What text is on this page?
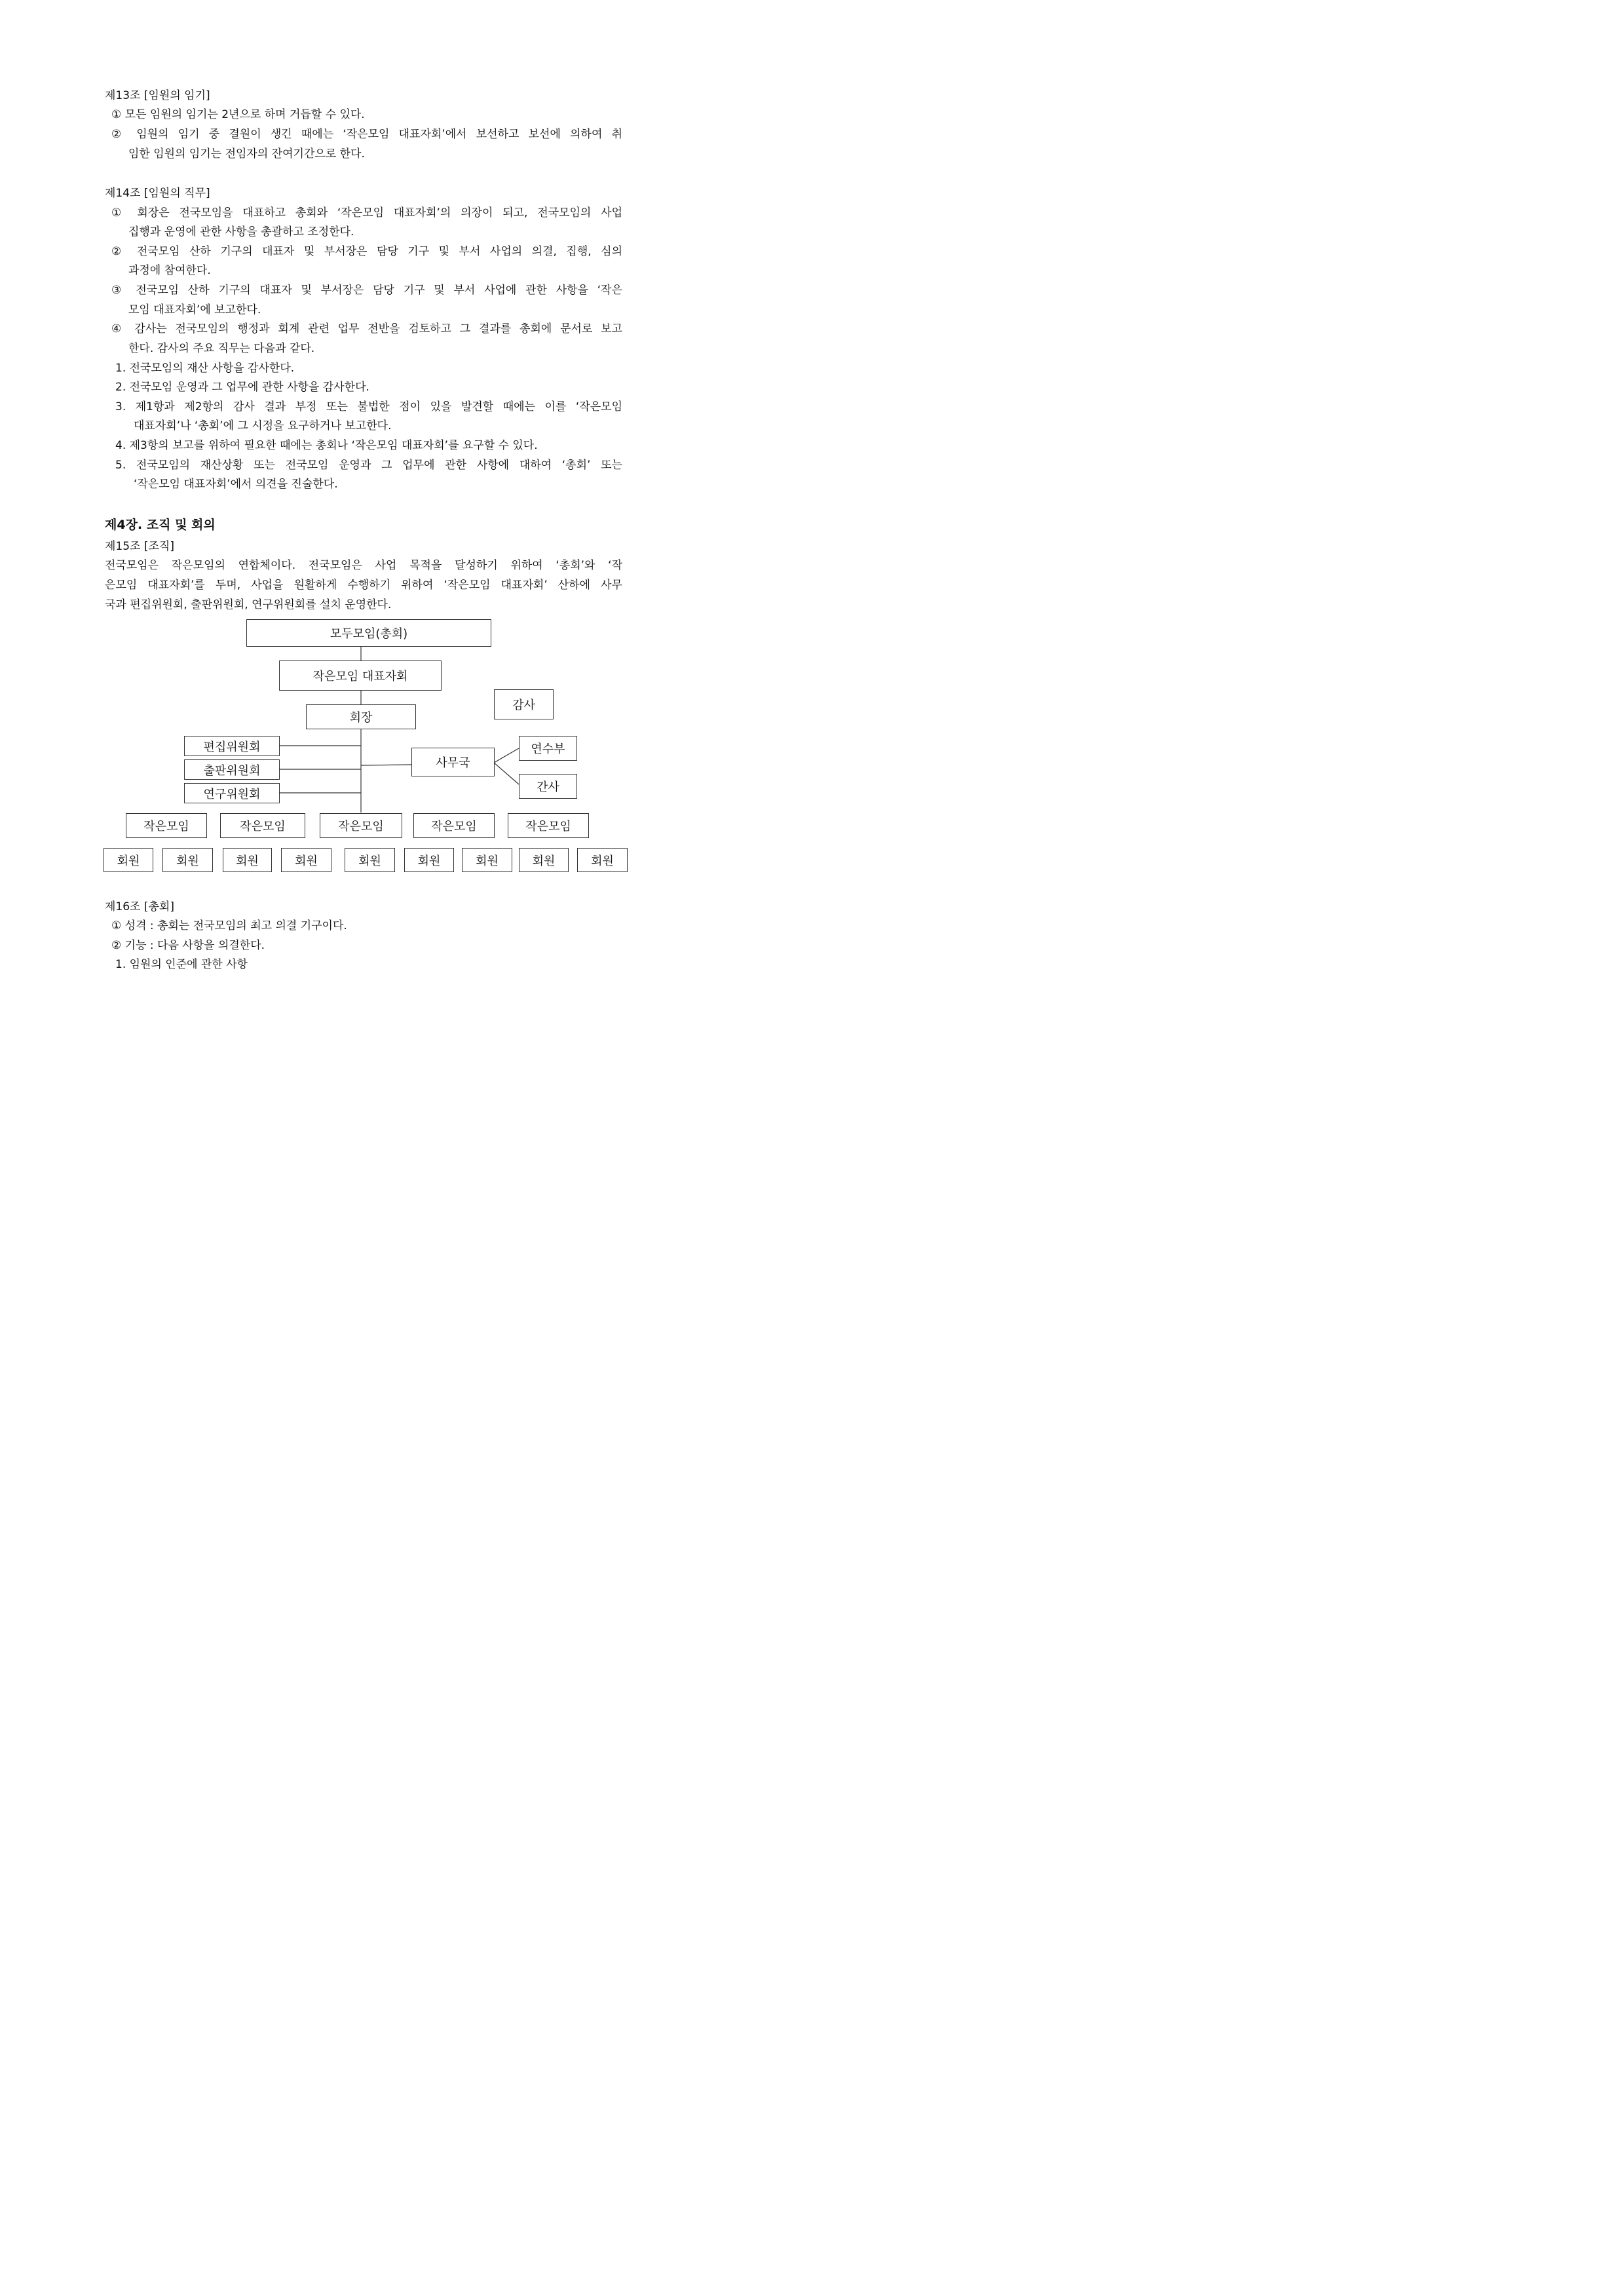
제13조 [임원의 임기]
① 모든 임원의 임기는 2년으로 하며 거듭할 수 있다.
② 임원의 임기 중 결원이 생긴 때에는 ‘작은모임 대표자회’에서 보선하고 보선에 의하여 취
임한 임원의 임기는 전임자의 잔여기간으로 한다.
제14조 [임원의 직무]
① 회장은 전국모임을 대표하고 총회와 ‘작은모임 대표자회’의 의장이 되고, 전국모임의 사업
집행과 운영에 관한 사항을 총괄하고 조정한다.
② 전국모임 산하 기구의 대표자 및 부서장은 담당 기구 및 부서 사업의 의결, 집행, 심의
과정에 참여한다.
③ 전국모임 산하 기구의 대표자 및 부서장은 담당 기구 및 부서 사업에 관한 사항을 ‘작은
모임 대표자회’에 보고한다.
④ 감사는 전국모임의 행정과 회계 관련 업무 전반을 검토하고 그 결과를 총회에 문서로 보고
한다. 감사의 주요 직무는 다음과 같다.
1. 전국모임의 재산 사항을 감사한다.
2. 전국모임 운영과 그 업무에 관한 사항을 감사한다.
3. 제1항과 제2항의 감사 결과 부정 또는 불법한 점이 있을 발견할 때에는 이를 ‘작은모임
대표자회’나 ‘총회’에 그 시정을 요구하거나 보고한다.
4. 제3항의 보고를 위하여 필요한 때에는 총회나 ‘작은모임 대표자회’를 요구할 수 있다.
5. 전국모임의 재산상황 또는 전국모임 운영과 그 업무에 관한 사항에 대하여 ‘총회’ 또는
‘작은모임 대표자회’에서 의견을 진술한다.
제4장. 조직 및 회의
제15조 [조직]
전국모임은 작은모임의 연합체이다. 전국모임은 사업 목적을 달성하기 위하여 ‘총회’와 ‘작
은모임 대표자회’를 두며, 사업을 원활하게 수행하기 위하여 ‘작은모임 대표자회’ 산하에 사무
국과 편집위원회, 출판위원회, 연구위원회를 설치 운영한다.
모두모임(총회)
작은모임 대표자회
감사
회장
편집위원회
출판위원회
연구위원회
사무국
연수부
간사
작은모임	작은모임	작은모임	작은모임	작은모임
회원	회원	회원	회원	회원	회원	회원	회원	회원
제16조 [총회]
① 성격 : 총회는 전국모임의 최고 의결 기구이다.
② 기능 : 다음 사항을 의결한다.
1. 임원의 인준에 관한 사항
